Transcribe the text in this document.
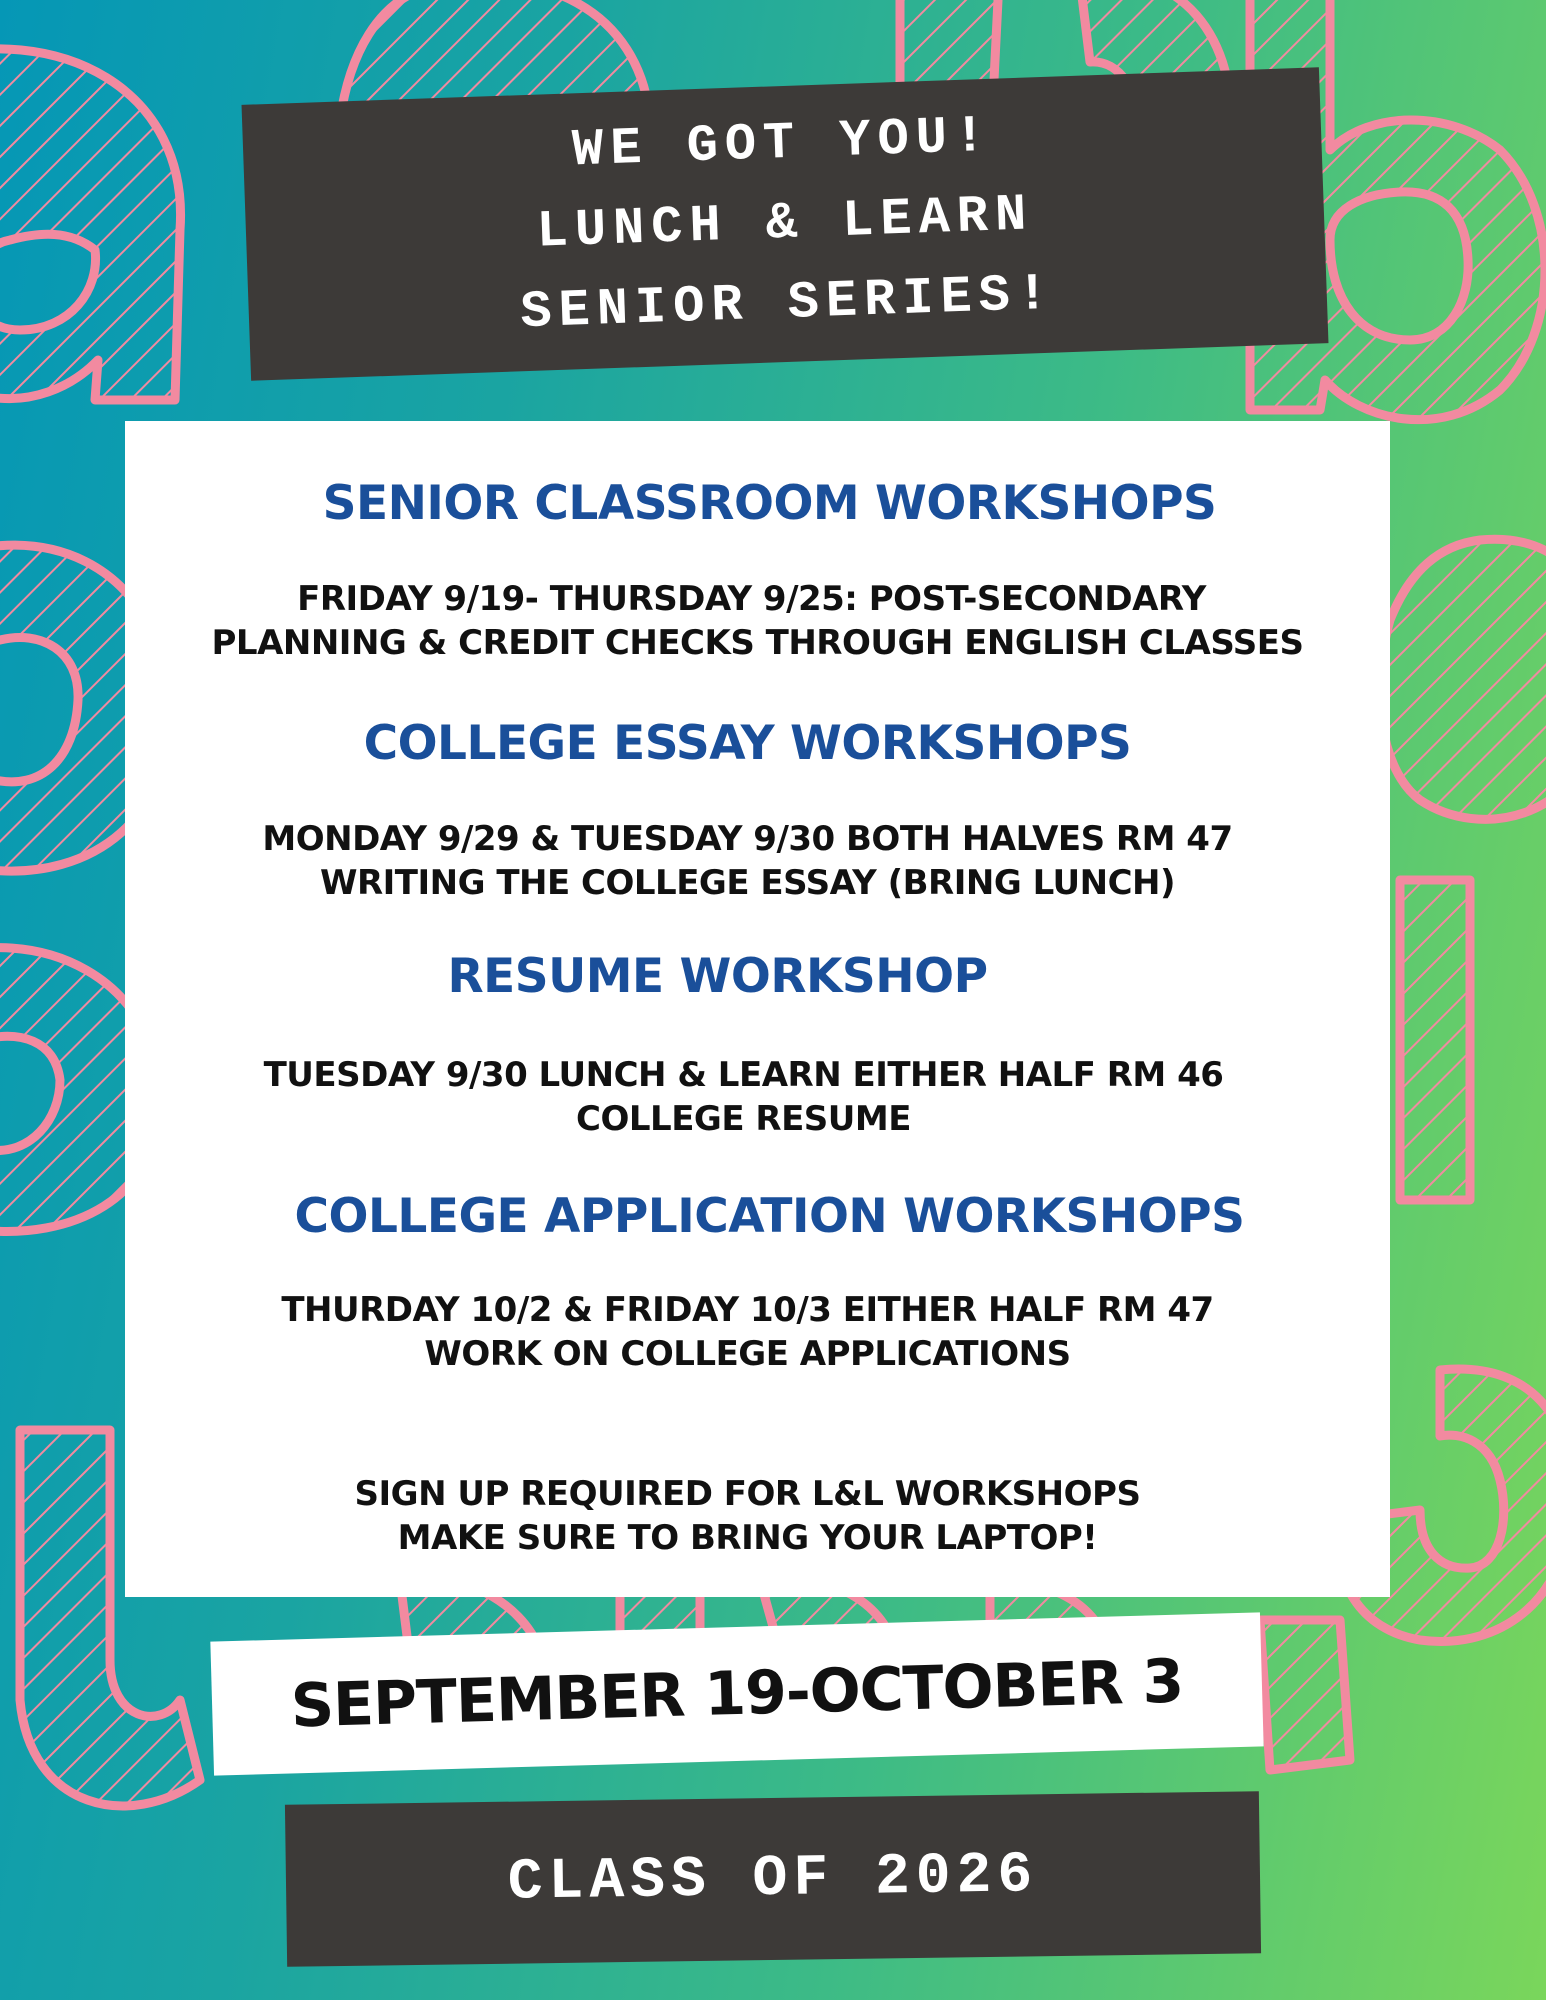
WE GOT YOU!
LUNCH & LEARN
SENIOR SERIES!
SENIOR CLASSROOM WORKSHOPS

FRIDAY 9/19- THURSDAY 9/25: POST-SECONDARY

PLANNING & CREDIT CHECKS THROUGH ENGLISH CLASSES

COLLEGE ESSAY WORKSHOPS

MONDAY 9/29 & TUESDAY 9/30 BOTH HALVES RM 47

WRITING THE COLLEGE ESSAY (BRING LUNCH)

RESUME WORKSHOP

TUESDAY 9/30 LUNCH & LEARN EITHER HALF RM 46

COLLEGE RESUME

COLLEGE APPLICATION WORKSHOPS

THURDAY 10/2 & FRIDAY 10/3 EITHER HALF RM 47

WORK ON COLLEGE APPLICATIONS

SIGN UP REQUIRED FOR L&L WORKSHOPS

MAKE SURE TO BRING YOUR LAPTOP!

SEPTEMBER 19-OCTOBER 3
CLASS OF 2026
